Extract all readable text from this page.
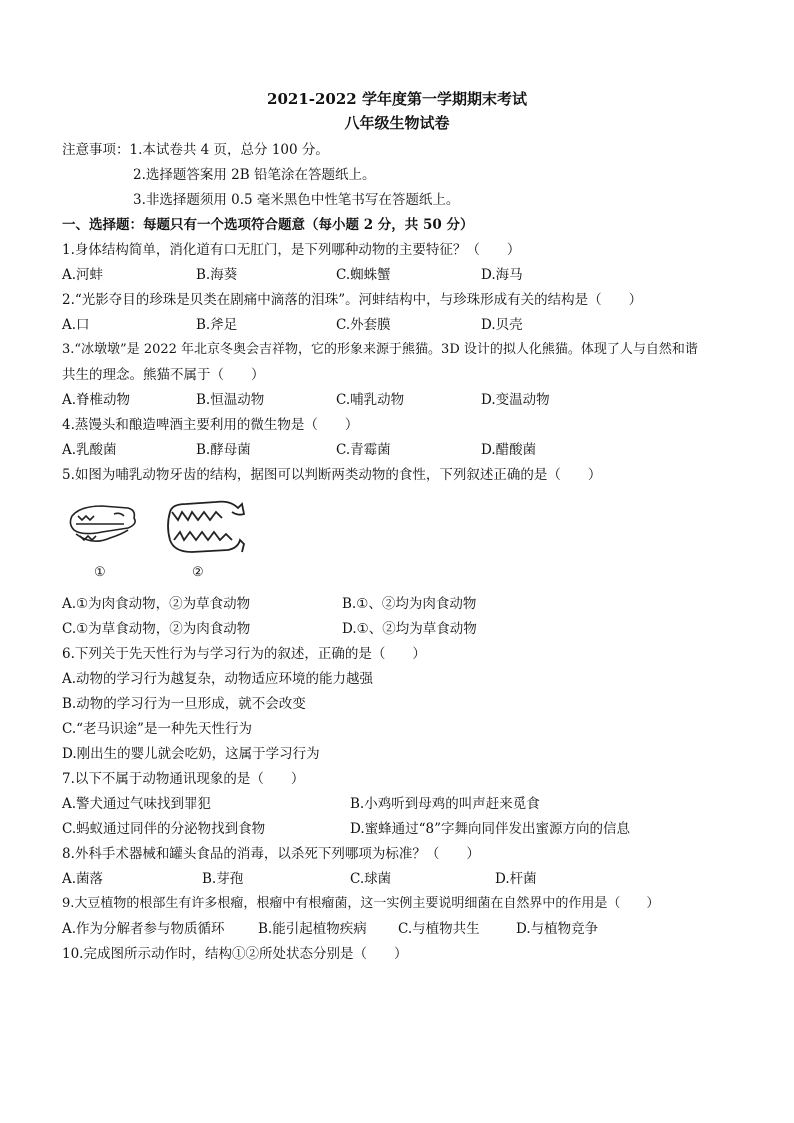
2021-2022 学年度第一学期期末考试
八年级生物试卷
注意事项：1.本试卷共 4 页，总分 100 分。
2.选择题答案用 2B 铅笔涂在答题纸上。
3.非选择题须用 0.5 毫米黑色中性笔书写在答题纸上。
一、选择题：每题只有一个选项符合题意（每小题 2 分，共 50 分）
1.身体结构简单，消化道有口无肛门，是下列哪种动物的主要特征？（　　）
A.河蚌	B.海葵	C.蜘蛛蟹	D.海马
2.“光影夺目的珍珠是贝类在剧痛中滴落的泪珠”。河蚌结构中，与珍珠形成有关的结构是（　　）
A.口	B.斧足	C.外套膜	D.贝壳
3.“冰墩墩”是 2022 年北京冬奥会吉祥物，它的形象来源于熊猫。3D 设计的拟人化熊猫。体现了人与自然和谐
共生的理念。熊猫不属于（　　）
A.脊椎动物	B.恒温动物	C.哺乳动物	D.变温动物
4.蒸馒头和酿造啤酒主要利用的微生物是（　　）
A.乳酸菌	B.酵母菌	C.青霉菌	D.醋酸菌
5.如图为哺乳动物牙齿的结构，据图可以判断两类动物的食性，下列叙述正确的是（　　）
①	②
A.①为肉食动物，②为草食动物	B.①、②均为肉食动物
C.①为草食动物，②为肉食动物	D.①、②均为草食动物
6.下列关于先天性行为与学习行为的叙述，正确的是（　　）
A.动物的学习行为越复杂，动物适应环境的能力越强
B.动物的学习行为一旦形成，就不会改变
C.“老马识途”是一种先天性行为
D.刚出生的婴儿就会吃奶，这属于学习行为
7.以下不属于动物通讯现象的是（　　）
A.警犬通过气味找到罪犯	B.小鸡听到母鸡的叫声赶来觅食
C.蚂蚁通过同伴的分泌物找到食物	D.蜜蜂通过“8”字舞向同伴发出蜜源方向的信息
8.外科手术器械和罐头食品的消毒，以杀死下列哪项为标准？（　　）
A.菌落	B.芽孢	C.球菌	D.杆菌
9.大豆植物的根部生有许多根瘤，根瘤中有根瘤菌，这一实例主要说明细菌在自然界中的作用是（　　）
A.作为分解者参与物质循环 B.能引起植物疾病 C.与植物共生	D.与植物竞争
10.完成图所示动作时，结构①②所处状态分别是（　　）
